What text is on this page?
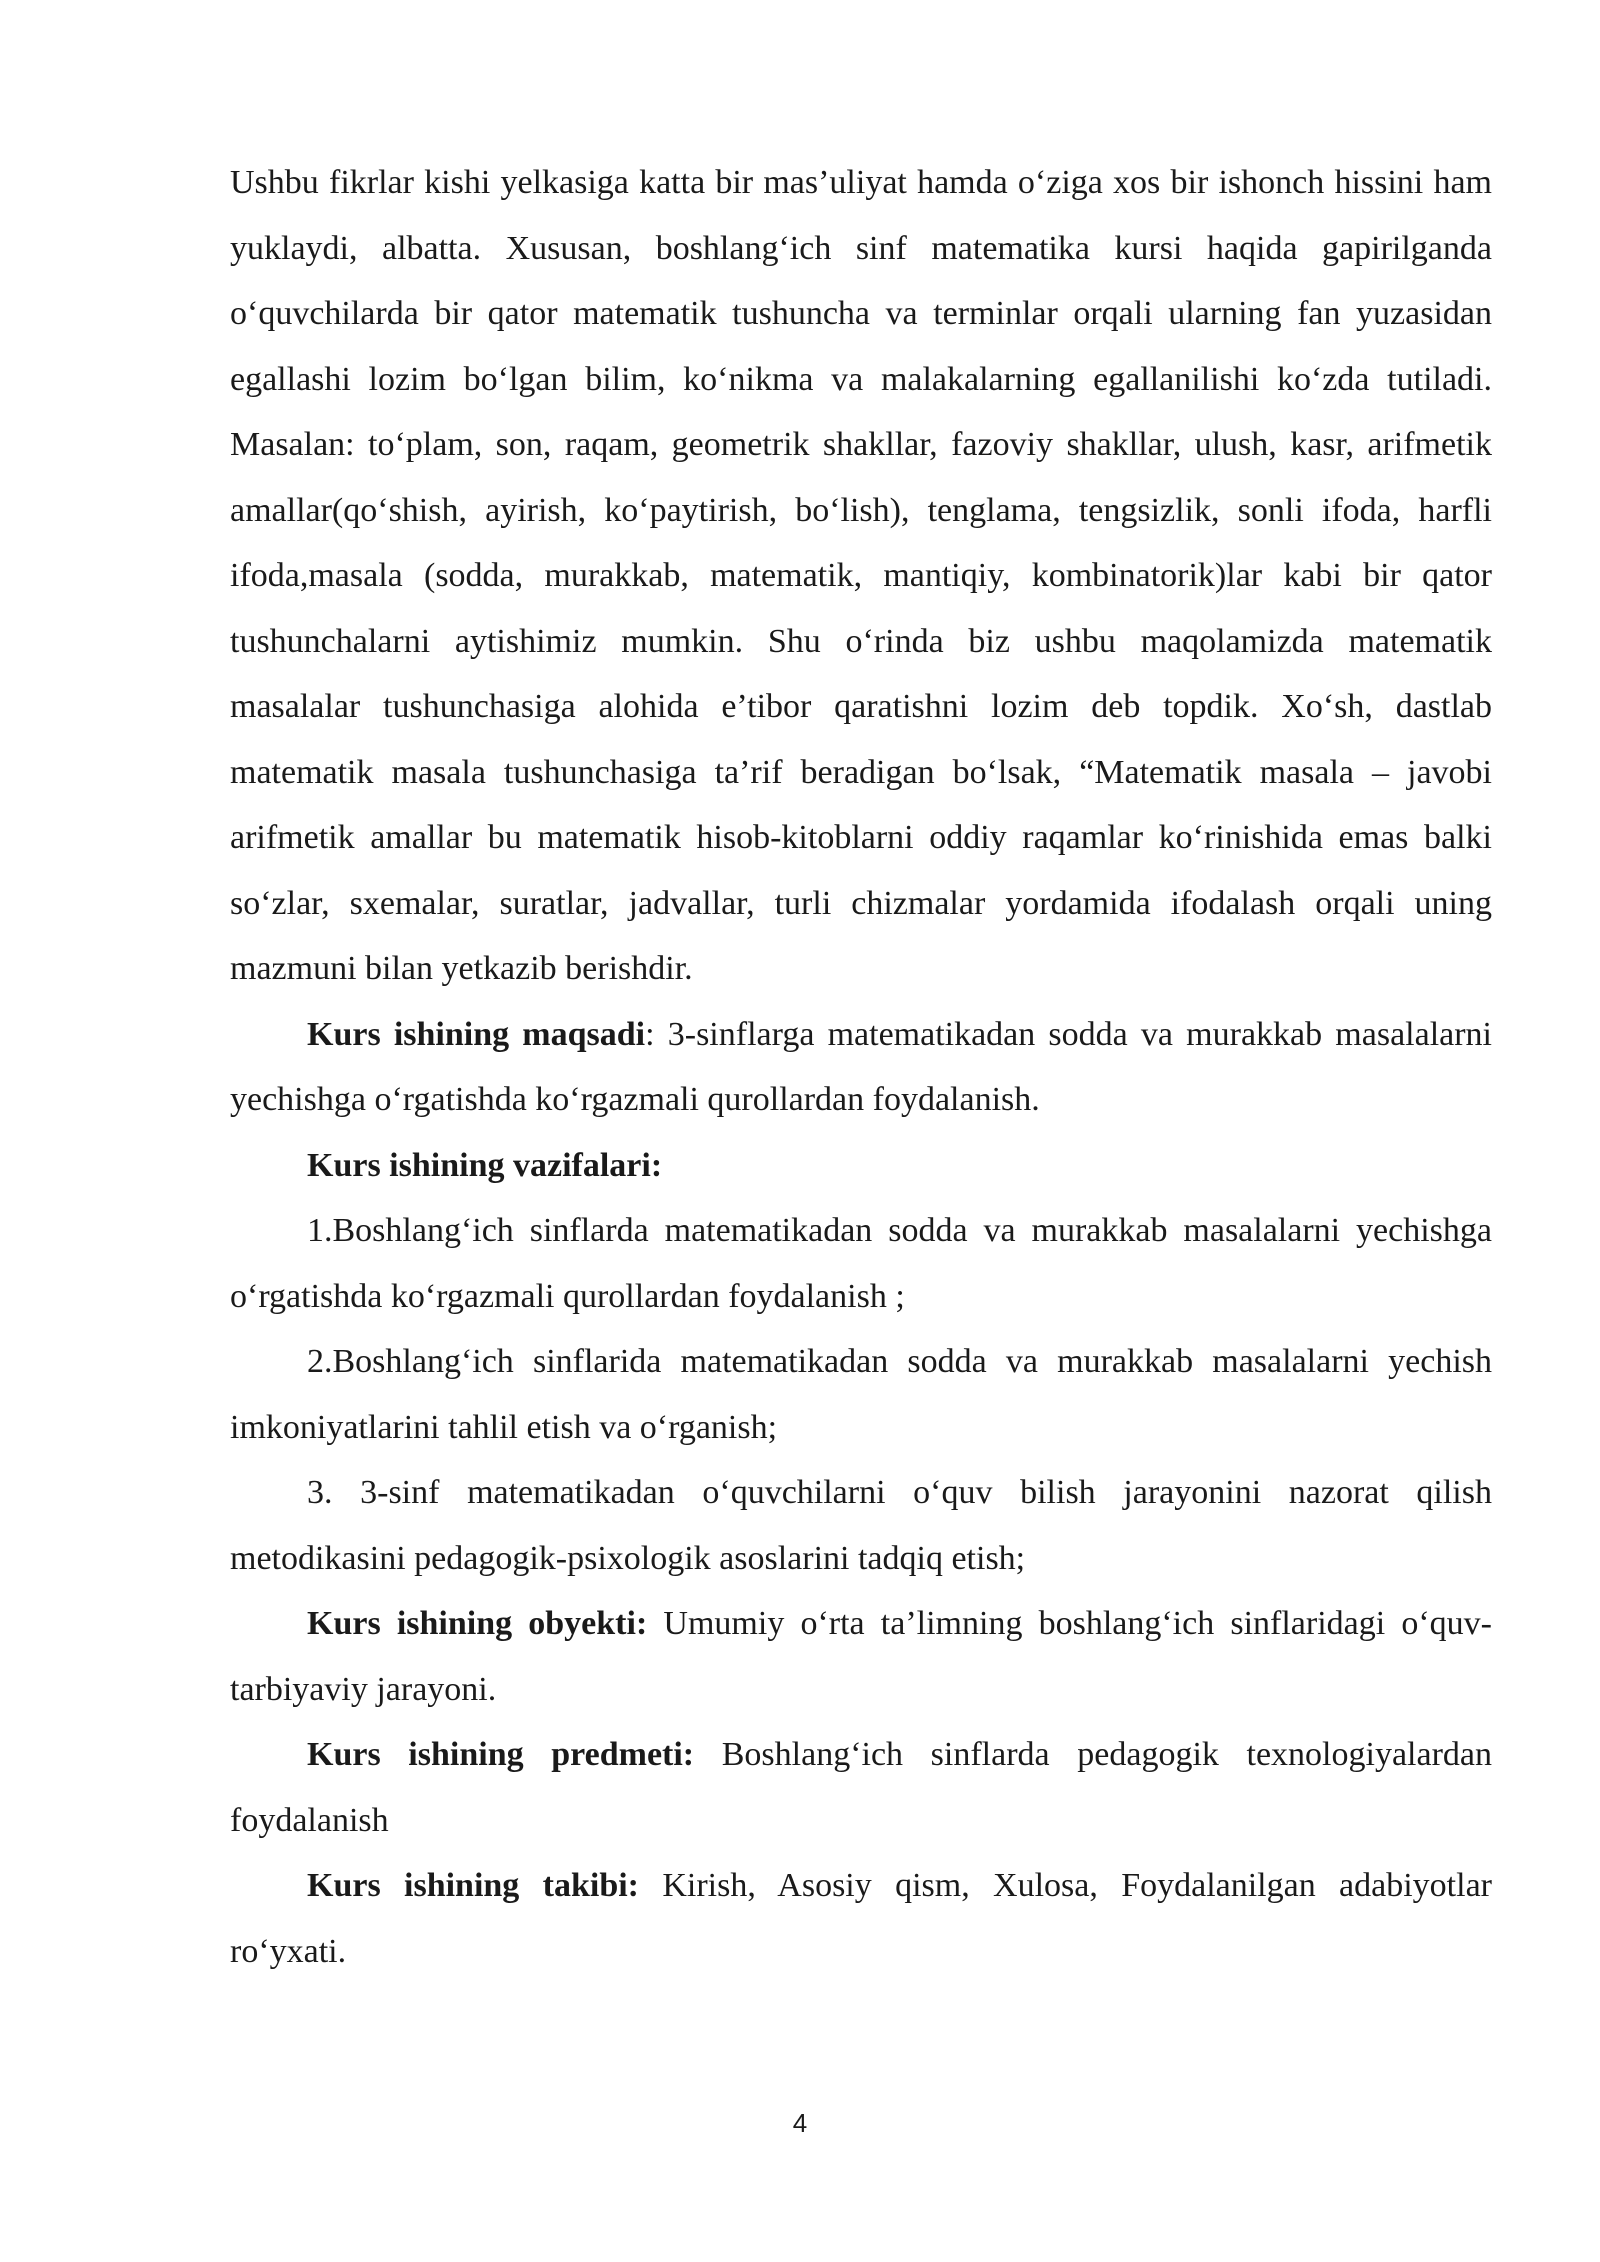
Ushbu fikrlar kishi yelkasiga katta bir mas’uliyat hamda o‘ziga xos bir ishonch hissini ham yuklaydi, albatta. Xususan, boshlang‘ich sinf matematika kursi haqida gapirilganda o‘quvchilarda bir qator matematik tushuncha va terminlar orqali ularning fan yuzasidan egallashi lozim bo‘lgan bilim, ko‘nikma va malakalarning egallanilishi ko‘zda tutiladi. Masalan: to‘plam, son, raqam, geometrik shakllar, fazoviy shakllar, ulush, kasr, arifmetik amallar(qo‘shish, ayirish, ko‘paytirish, bo‘lish), tenglama, tengsizlik, sonli ifoda, harfli ifoda,masala (sodda, murakkab, matematik, mantiqiy, kombinatorik)lar kabi bir qator tushunchalarni aytishimiz mumkin. Shu o‘rinda biz ushbu maqolamizda matematik masalalar tushunchasiga alohida e’tibor qaratishni lozim deb topdik. Xo‘sh, dastlab matematik masala tushunchasiga ta’rif beradigan bo‘lsak, “Matematik masala – javobi arifmetik amallar bu matematik hisob-kitoblarni oddiy raqamlar ko‘rinishida emas balki so‘zlar, sxemalar, suratlar, jadvallar, turli chizmalar yordamida ifodalash orqali uning mazmuni bilan yetkazib berishdir.

Kurs ishining maqsadi: 3-sinflarga matematikadan sodda va murakkab masalalarni yechishga o‘rgatishda ko‘rgazmali qurollardan foydalanish.

Kurs ishining vazifalari:

1.Boshlang‘ich sinflarda matematikadan sodda va murakkab masalalarni yechishga o‘rgatishda ko‘rgazmali qurollardan foydalanish ;

2.Boshlang‘ich sinflarida matematikadan sodda va murakkab masalalarni yechish imkoniyatlarini tahlil etish va o‘rganish;

3. 3-sinf matematikadan o‘quvchilarni o‘quv bilish jarayonini nazorat qilish metodikasini pedagogik-psixologik asoslarini tadqiq etish;

Kurs ishining obyekti: Umumiy o‘rta ta’limning boshlang‘ich sinflaridagi o‘quv-tarbiyaviy jarayoni.

Kurs ishining predmeti: Boshlang‘ich sinflarda pedagogik texnologiyalardan foydalanish

Kurs ishining takibi: Kirish, Asosiy qism, Xulosa, Foydalanilgan adabiyotlar ro‘yxati.

4
